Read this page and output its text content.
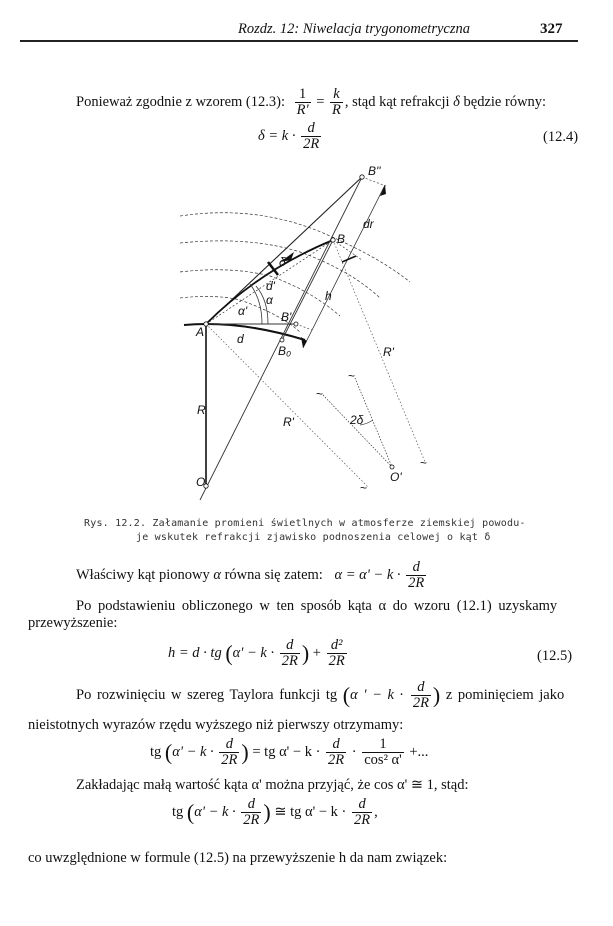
Rozdz. 12: Niwelacja trygonometryczna	327
Ponieważ zgodnie z wzorem (12.3): $\frac{1}{R'} = \frac{k}{R}$ , stąd kąt refrakcji δ będzie równy:
$\delta = k \cdot \frac{d}{2R}$	(12.4)
~
~
~
~
B''
B
dr
δ
d'
α
α'	B'
A	d
B₀
h
R'
R
R'	2δ
O	O'
Rys. 12.2. Załamanie promieni świetlnych w atmosferze ziemskiej powodu-
je wskutek refrakcji zjawisko podnoszenia celowej o kąt δ
Właściwy kąt pionowy α równa się zatem: $\alpha = \alpha' - k \cdot \frac{d}{2R}$
Po podstawieniu obliczonego w ten sposób kąta α do wzoru (12.1) uzyskamy
przewyższenie:
h = d · tg ($\alpha' - k \cdot \frac{d}{2R}$ ) + $\frac{\text{d²}}{2R}$	(12.5)
Po rozwinięciu w szereg Taylora funkcji tg (α ' − $k \cdot \frac{d}{2R}$ ) z pominięciem jako
nieistotnych wyrazów rzędu wyższego niż pierwszy otrzymamy:
tg ($\alpha' - k \cdot \frac{d}{2R}$ ) = tg $\alpha' - k \cdot \frac{d}{2R} \cdot \frac{1}{\text{cos² α'}}$ +...
Zakładając małą wartość kąta α' można przyjąć, że cos α' ≅ 1, stąd:
tg ($\alpha' - k \cdot \frac{d}{2R}$ ) ≅ tg $\alpha' - k \cdot \frac{d}{2R}$ ,
co uwzględnione w formule (12.5) na przewyższenie h da nam związek:
